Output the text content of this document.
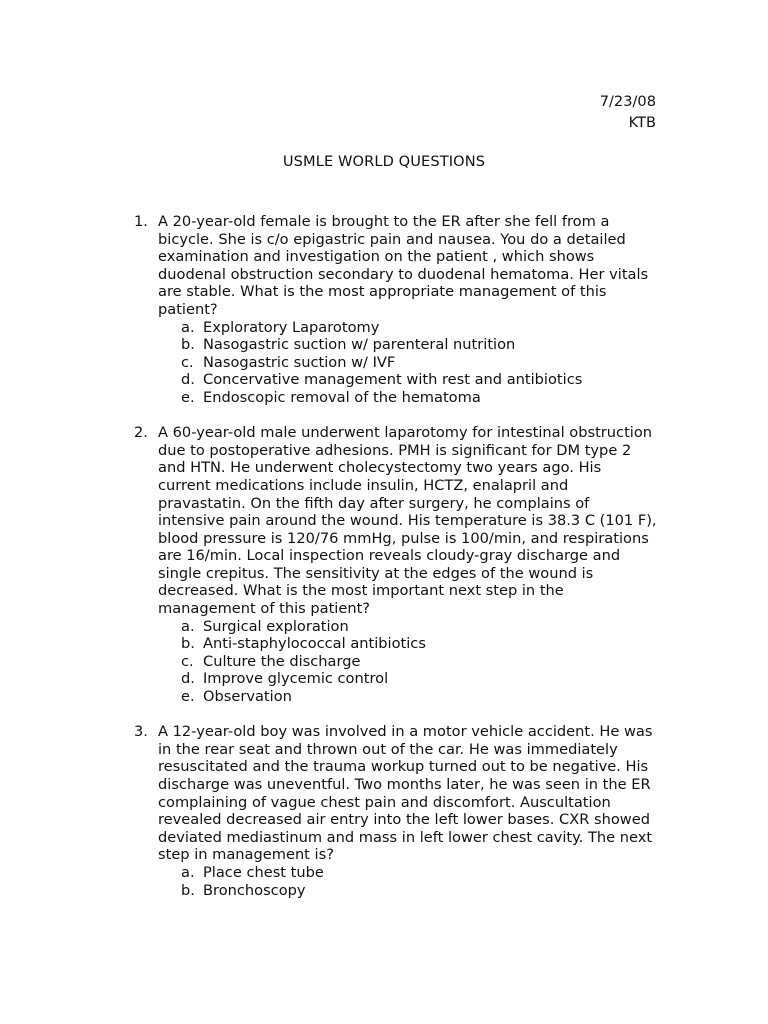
7/23/08
KTB
USMLE WORLD QUESTIONS
1. A 20-year-old female is brought to the ER after she fell from a bicycle. She is c/o epigastric pain and nausea. You do a detailed examination and investigation on the patient , which shows duodenal obstruction secondary to duodenal hematoma. Her vitals are stable. What is the most appropriate management of this patient?
a. Exploratory Laparotomy
b. Nasogastric suction w/ parenteral nutrition
c. Nasogastric suction w/ IVF
d. Concervative management with rest and antibiotics
e. Endoscopic removal of the hematoma
2. A 60-year-old male underwent laparotomy for intestinal obstruction due to postoperative adhesions. PMH is significant for DM type 2 and HTN. He underwent cholecystectomy two years ago. His current medications include insulin, HCTZ, enalapril and pravastatin. On the fifth day after surgery, he complains of intensive pain around the wound. His temperature is 38.3 C (101 F), blood pressure is 120/76 mmHg, pulse is 100/min, and respirations are 16/min. Local inspection reveals cloudy-gray discharge and single crepitus. The sensitivity at the edges of the wound is decreased. What is the most important next step in the management of this patient?
a. Surgical exploration
b. Anti-staphylococcal antibiotics
c. Culture the discharge
d. Improve glycemic control
e. Observation
3. A 12-year-old boy was involved in a motor vehicle accident. He was in the rear seat and thrown out of the car. He was immediately resuscitated and the trauma workup turned out to be negative. His discharge was uneventful. Two months later, he was seen in the ER complaining of vague chest pain and discomfort. Auscultation revealed decreased air entry into the left lower bases. CXR showed deviated mediastinum and mass in left lower chest cavity. The next step in management is?
a. Place chest tube
b. Bronchoscopy
